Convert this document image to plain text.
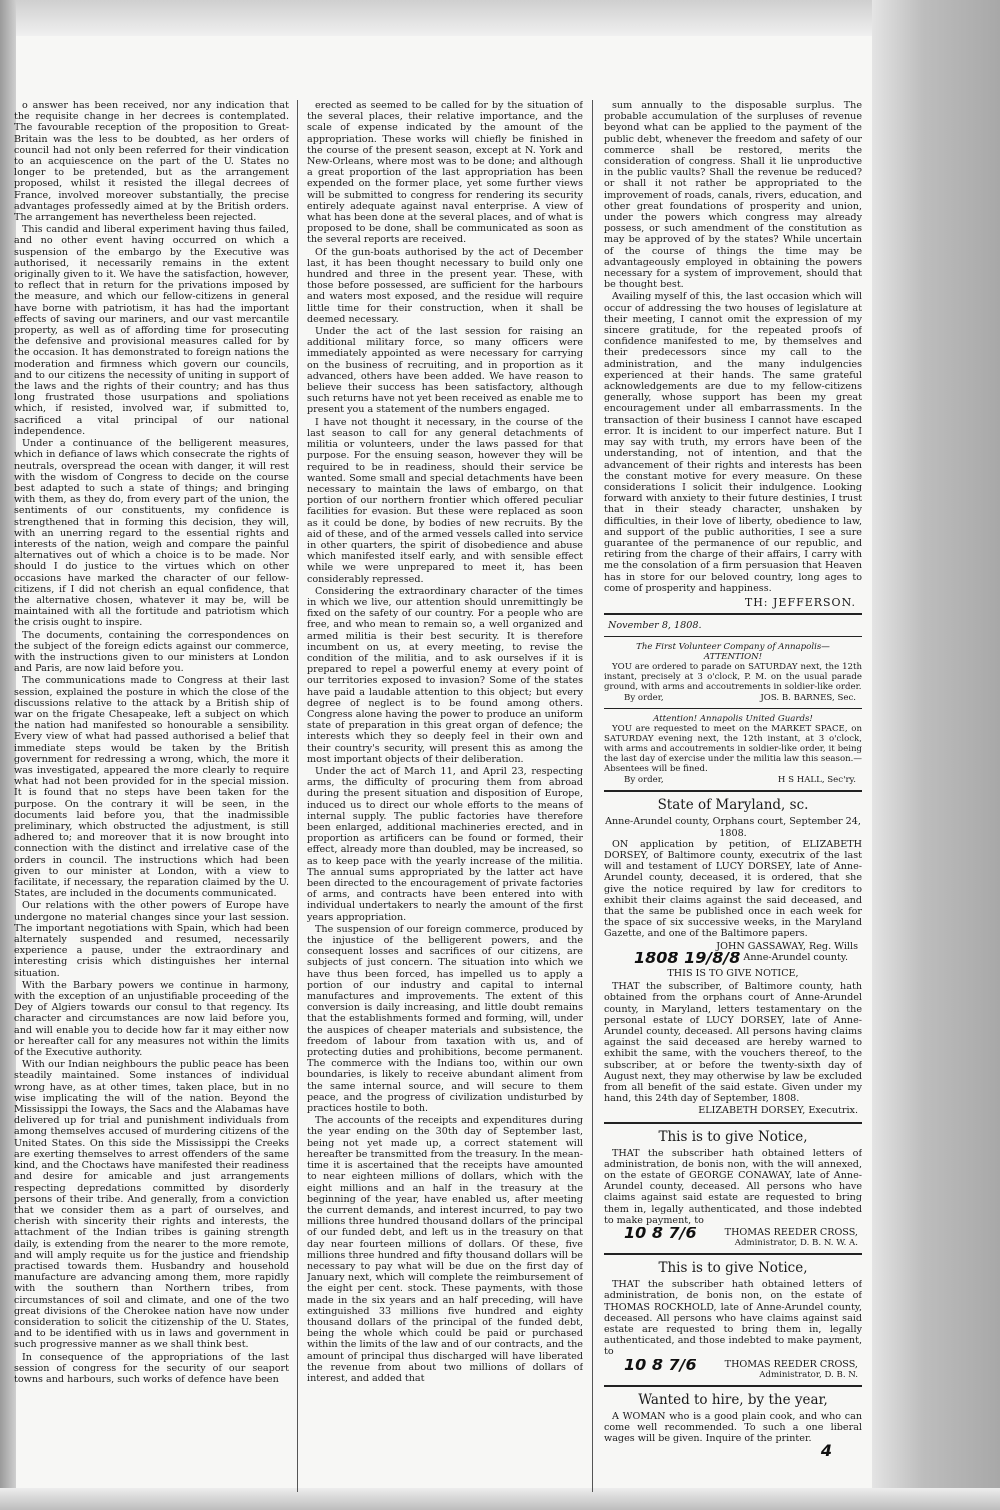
o answer has been received, nor any indication that the requisite change in her decrees is contemplated. The favourable reception of the proposition to Great-Britain was the less to be doubted, as her orders of council had not only been referred for their vindication to an acquiescence on the part of the U. States no longer to be pretended, but as the arrangement proposed, whilst it resisted the illegal decrees of France, involved moreover substantially, the precise advantages professedly aimed at by the British orders. The arrangement has nevertheless been rejected.

This candid and liberal experiment having thus failed, and no other event having occurred on which a suspension of the embargo by the Executive was authorised, it necessarily remains in the extent originally given to it. We have the satisfaction, however, to reflect that in return for the privations imposed by the measure, and which our fellow-citizens in general have borne with patriotism, it has had the important effects of saving our mariners, and our vast mercantile property, as well as of affording time for prosecuting the defensive and provisional measures called for by the occasion. It has demonstrated to foreign nations the moderation and firmness which govern our councils, and to our citizens the necessity of uniting in support of the laws and the rights of their country; and has thus long frustrated those usurpations and spoliations which, if resisted, involved war, if submitted to, sacrificed a vital principal of our national independence.

Under a continuance of the belligerent measures, which in defiance of laws which consecrate the rights of neutrals, overspread the ocean with danger, it will rest with the wisdom of Congress to decide on the course best adapted to such a state of things; and bringing with them, as they do, from every part of the union, the sentiments of our constituents, my confidence is strengthened that in forming this decision, they will, with an unerring regard to the essential rights and interests of the nation, weigh and compare the painful alternatives out of which a choice is to be made. Nor should I do justice to the virtues which on other occasions have marked the character of our fellow-citizens, if I did not cherish an equal confidence, that the alternative chosen, whatever it may be, will be maintained with all the fortitude and patriotism which the crisis ought to inspire.

The documents, containing the correspondences on the subject of the foreign edicts against our commerce, with the instructions given to our ministers at London and Paris, are now laid before you.

The communications made to Congress at their last session, explained the posture in which the close of the discussions relative to the attack by a British ship of war on the frigate Chesapeake, left a subject on which the nation had manifested so honourable a sensibility. Every view of what had passed authorised a belief that immediate steps would be taken by the British government for redressing a wrong, which, the more it was investigated, appeared the more clearly to require what had not been provided for in the special mission. It is found that no steps have been taken for the purpose. On the contrary it will be seen, in the documents laid before you, that the inadmissible preliminary, which obstructed the adjustment, is still adhered to; and moreover that it is now brought into connection with the distinct and irrelative case of the orders in council. The instructions which had been given to our minister at London, with a view to facilitate, if necessary, the reparation claimed by the U. States, are included in the documents communicated.

Our relations with the other powers of Europe have undergone no material changes since your last session. The important negotiations with Spain, which had been alternately suspended and resumed, necessarily experience a pause, under the extraordinary and interesting crisis which distinguishes her internal situation.

With the Barbary powers we continue in harmony, with the exception of an unjustifiable proceeding of the Dey of Algiers towards our consul to that regency. Its character and circumstances are now laid before you, and will enable you to decide how far it may either now or hereafter call for any measures not within the limits of the Executive authority.

With our Indian neighbours the public peace has been steadily maintained. Some instances of individual wrong have, as at other times, taken place, but in no wise implicating the will of the nation. Beyond the Mississippi the Ioways, the Sacs and the Alabamas have delivered up for trial and punishment individuals from among themselves accused of murdering citizens of the United States. On this side the Mississippi the Creeks are exerting themselves to arrest offenders of the same kind, and the Choctaws have manifested their readiness and desire for amicable and just arrangements respecting depredations committed by disorderly persons of their tribe. And generally, from a conviction that we consider them as a part of ourselves, and cherish with sincerity their rights and interests, the attachment of the Indian tribes is gaining strength daily, is extending from the nearer to the more remote, and will amply requite us for the justice and friendship practised towards them. Husbandry and household manufacture are advancing among them, more rapidly with the southern than Northern tribes, from circumstances of soil and climate, and one of the two great divisions of the Cherokee nation have now under consideration to solicit the citizenship of the U. States, and to be identified with us in laws and government in such progressive manner as we shall think best.

In consequence of the appropriations of the last session of congress for the security of our seaport towns and harbours, such works of defence have been

erected as seemed to be called for by the situation of the several places, their relative importance, and the scale of expense indicated by the amount of the appropriation. These works will chiefly be finished in the course of the present season, except at N. York and New-Orleans, where most was to be done; and although a great proportion of the last appropriation has been expended on the former place, yet some further views will be submitted to congress for rendering its security entirely adequate against naval enterprise. A view of what has been done at the several places, and of what is proposed to be done, shall be communicated as soon as the several reports are received.

Of the gun-boats authorised by the act of December last, it has been thought necessary to build only one hundred and three in the present year. These, with those before possessed, are sufficient for the harbours and waters most exposed, and the residue will require little time for their construction, when it shall be deemed necessary.

Under the act of the last session for raising an additional military force, so many officers were immediately appointed as were necessary for carrying on the business of recruiting, and in proportion as it advanced, others have been added. We have reason to believe their success has been satisfactory, although such returns have not yet been received as enable me to present you a statement of the numbers engaged.

I have not thought it necessary, in the course of the last season to call for any general detachments of militia or volunteers, under the laws passed for that purpose. For the ensuing season, however they will be required to be in readiness, should their service be wanted. Some small and special detachments have been necessary to maintain the laws of embargo, on that portion of our northern frontier which offered peculiar facilities for evasion. But these were replaced as soon as it could be done, by bodies of new recruits. By the aid of these, and of the armed vessels called into service in other quarters, the spirit of disobedience and abuse which manifested itself early, and with sensible effect while we were unprepared to meet it, has been considerably repressed.

Considering the extraordinary character of the times in which we live, our attention should unremittingly be fixed on the safety of our country. For a people who are free, and who mean to remain so, a well organized and armed militia is their best security. It is therefore incumbent on us, at every meeting, to revise the condition of the militia, and to ask ourselves if it is prepared to repel a powerful enemy at every point of our territories exposed to invasion? Some of the states have paid a laudable attention to this object; but every degree of neglect is to be found among others. Congress alone having the power to produce an uniform state of preparation in this great organ of defence; the interests which they so deeply feel in their own and their country's security, will present this as among the most important objects of their deliberation.

Under the act of March 11, and April 23, respecting arms, the difficulty of procuring them from abroad during the present situation and disposition of Europe, induced us to direct our whole efforts to the means of internal supply. The public factories have therefore been enlarged, additional machineries erected, and in proportion as artificers can be found or formed, their effect, already more than doubled, may be increased, so as to keep pace with the yearly increase of the militia. The annual sums appropriated by the latter act have been directed to the encouragement of private factories of arms, and contracts have been entered into with individual undertakers to nearly the amount of the first years appropriation.

The suspension of our foreign commerce, produced by the injustice of the belligerent powers, and the consequent losses and sacrifices of our citizens, are subjects of just concern. The situation into which we have thus been forced, has impelled us to apply a portion of our industry and capital to internal manufactures and improvements. The extent of this conversion is daily increasing, and little doubt remains that the establishments formed and forming, will, under the auspices of cheaper materials and subsistence, the freedom of labour from taxation with us, and of protecting duties and prohibitions, become permanent. The commerce with the Indians too, within our own boundaries, is likely to receive abundant aliment from the same internal source, and will secure to them peace, and the progress of civilization undisturbed by practices hostile to both.

The accounts of the receipts and expenditures during the year ending on the 30th day of September last, being not yet made up, a correct statement will hereafter be transmitted from the treasury. In the mean-time it is ascertained that the receipts have amounted to near eighteen millions of dollars, which with the eight millions and an half in the treasury at the beginning of the year, have enabled us, after meeting the current demands, and interest incurred, to pay two millions three hundred thousand dollars of the principal of our funded debt, and left us in the treasury on that day near fourteen millions of dollars. Of these, five millions three hundred and fifty thousand dollars will be necessary to pay what will be due on the first day of January next, which will complete the reimbursement of the eight per cent. stock. These payments, with those made in the six years and an half preceding, will have extinguished 33 millions five hundred and eighty thousand dollars of the principal of the funded debt, being the whole which could be paid or purchased within the limits of the law and of our contracts, and the amount of principal thus discharged will have liberated the revenue from about two millions of dollars of interest, and added that

sum annually to the disposable surplus. The probable accumulation of the surpluses of revenue beyond what can be applied to the payment of the public debt, whenever the freedom and safety of our commerce shall be restored, merits the consideration of congress. Shall it lie unproductive in the public vaults? Shall the revenue be reduced? or shall it not rather be appropriated to the improvement of roads, canals, rivers, education, and other great foundations of prosperity and union, under the powers which congress may already possess, or such amendment of the constitution as may be approved of by the states? While uncertain of the course of things the time may be advantageously employed in obtaining the powers necessary for a system of improvement, should that be thought best.

Availing myself of this, the last occasion which will occur of addressing the two houses of legislature at their meeting, I cannot omit the expression of my sincere gratitude, for the repeated proofs of confidence manifested to me, by themselves and their predecessors since my call to the administration, and the many indulgencies experienced at their hands. The same grateful acknowledgements are due to my fellow-citizens generally, whose support has been my great encouragement under all embarrassments. In the transaction of their business I cannot have escaped error. It is incident to our imperfect nature. But I may say with truth, my errors have been of the understanding, not of intention, and that the advancement of their rights and interests has been the constant motive for every measure. On these considerations I solicit their indulgence. Looking forward with anxiety to their future destinies, I trust that in their steady character, unshaken by difficulties, in their love of liberty, obedience to law, and support of the public authorities, I see a sure guarantee of the permanence of our republic, and retiring from the charge of their affairs, I carry with me the consolation of a firm persuasion that Heaven has in store for our beloved country, long ages to come of prosperity and happiness.

TH: JEFFERSON.
November 8, 1808.
The First Volunteer Company of Annapolis—
ATTENTION!

YOU are ordered to parade on SATURDAY next, the 12th instant, precisely at 3 o'clock, P. M. on the usual parade ground, with arms and accoutrements in soldier-like order.

By order,	JOS. B. BARNES, Sec.
Attention! Annapolis United Guards!

YOU are requested to meet on the MARKET SPACE, on SATURDAY evening next, the 12th instant, at 3 o'clock, with arms and accoutrements in soldier-like order, it being the last day of exercise under the militia law this season.— Absentees will be fined.

By order,	H S HALL, Sec'ry.
State of Maryland, sc.
Anne-Arundel county, Orphans court, September 24, 1808.

ON application by petition, of ELIZABETH DORSEY, of Baltimore county, executrix of the last will and testament of LUCY DORSEY, late of Anne-Arundel county, deceased, it is ordered, that she give the notice required by law for creditors to exhibit their claims against the said deceased, and that the same be published once in each week for the space of six successive weeks, in the Maryland Gazette, and one of the Baltimore papers.

JOHN GASSAWAY, Reg. Wills
1808 19/8/8 Anne-Arundel county.
THIS IS TO GIVE NOTICE,

THAT the subscriber, of Baltimore county, hath obtained from the orphans court of Anne-Arundel county, in Maryland, letters testamentary on the personal estate of LUCY DORSEY, late of Anne-Arundel county, deceased. All persons having claims against the said deceased are hereby warned to exhibit the same, with the vouchers thereof, to the subscriber, at or before the twenty-sixth day of August next, they may otherwise by law be excluded from all benefit of the said estate. Given under my hand, this 24th day of September, 1808.

ELIZABETH DORSEY, Executrix.
This is to give Notice,

THAT the subscriber hath obtained letters of administration, de bonis non, with the will annexed, on the estate of GEORGE CONAWAY, late of Anne-Arundel county, deceased. All persons who have claims against said estate are requested to bring them in, legally authenticated, and those indebted to make payment, to

10 8 7/6	THOMAS REEDER CROSS,
Administrator, D. B. N. W. A.
This is to give Notice,

THAT the subscriber hath obtained letters of administration, de bonis non, on the estate of THOMAS ROCKHOLD, late of Anne-Arundel county, deceased. All persons who have claims against said estate are requested to bring them in, legally authenticated, and those indebted to make payment, to

10 8 7/6	THOMAS REEDER CROSS,
Administrator, D. B. N.
Wanted to hire, by the year,

A WOMAN who is a good plain cook, and who can come well recommended. To such a one liberal wages will be given. Inquire of the printer.

4
